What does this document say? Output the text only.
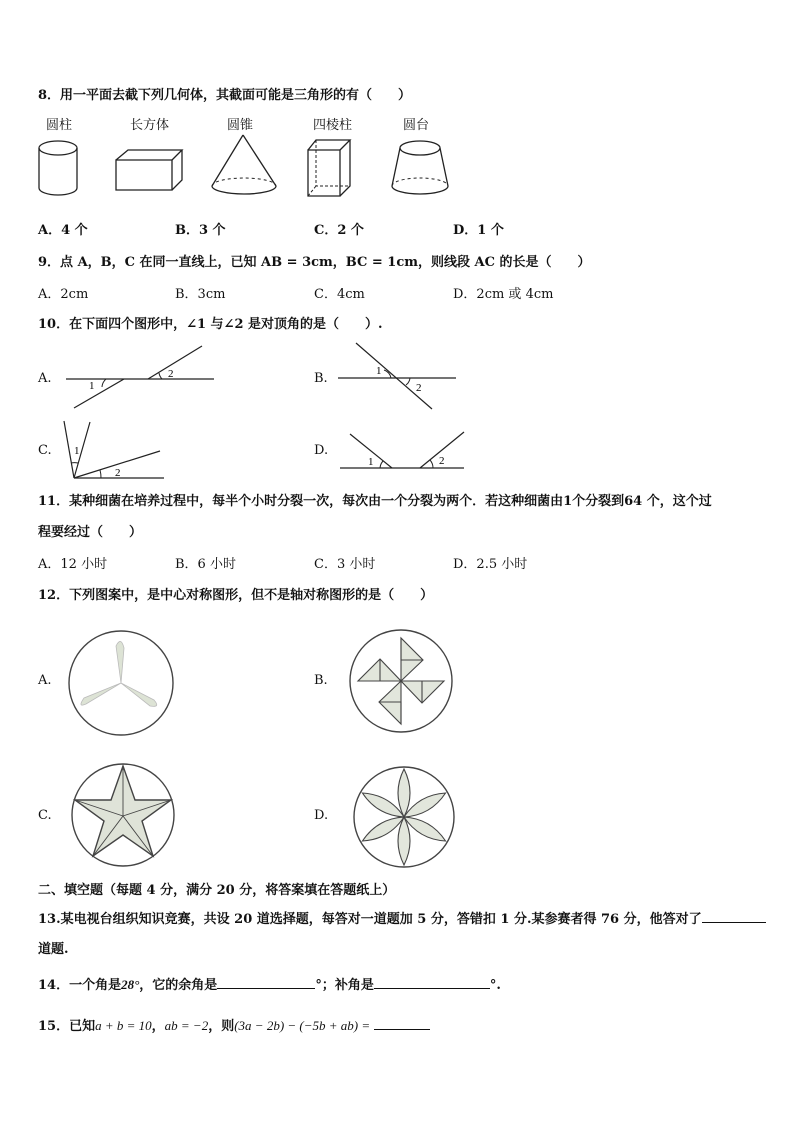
8．用一平面去截下列几何体，其截面可能是三角形的有（　　）
圆柱	长方体	圆锥	四棱柱	圆台
A．4 个	B．3 个	C．2 个	D．1 个
9．点 A，B，C 在同一直线上，已知 AB = 3cm，BC = 1cm，则线段 AC 的长是（　　）
A．2cm	B．3cm	C．4cm	D．2cm 或 4cm
10．在下面四个图形中，∠1 与∠2 是对顶角的是（　　）.
A.	1
2	B.	1
2
C. 1
2
D.
1	2
11．某种细菌在培养过程中，每半个小时分裂一次，每次由一个分裂为两个．若这种细菌由1个分裂到64 个，这个过
程要经过（　　）
A．12 小时	B．6 小时	C．3 小时	D．2.5 小时
12．下列图案中，是中心对称图形，但不是轴对称图形的是（　　）
A.	B.
C.	D.
二、填空题（每题 4 分，满分 20 分，将答案填在答题纸上）
13.某电视台组织知识竞赛，共设 20 道选择题，每答对一道题加 5 分，答错扣 1 分.某参赛者得 76 分，他答对了
道题.
14．一个角是28°，它的余角是	°；补角是	°.
15．已知a + b = 10，ab = −2，则(3a − 2b) − (−5b + ab) =
